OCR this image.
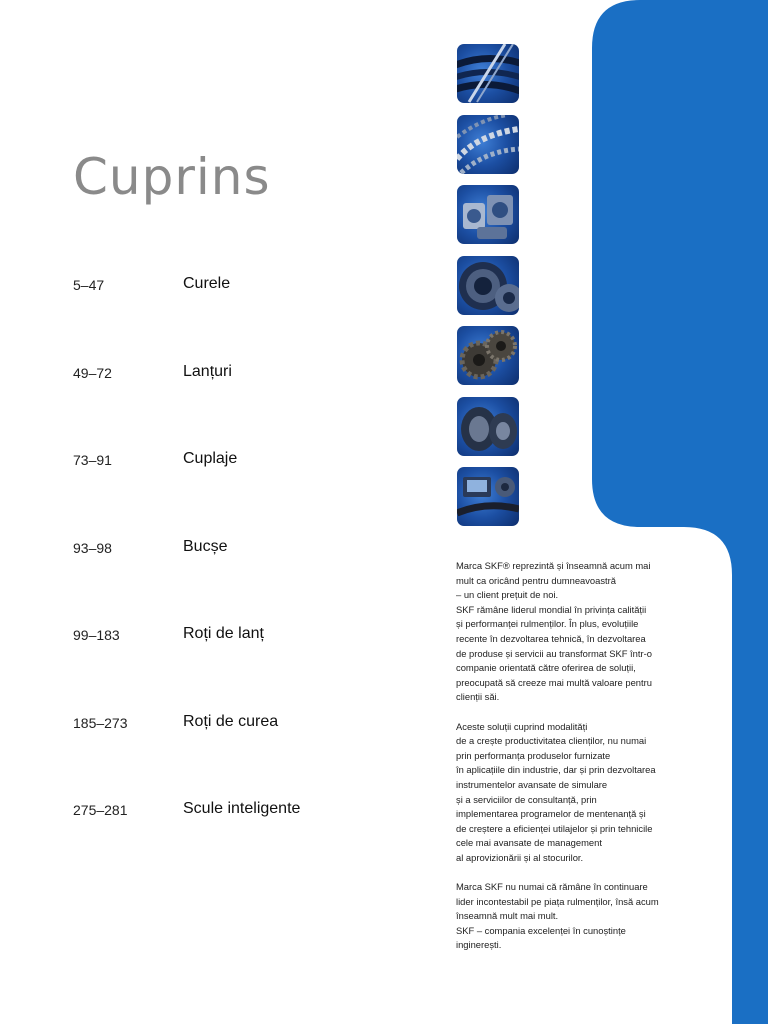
Cuprins
5–47	Curele
49–72	Lanțuri
73–91	Cuplaje
93–98	Bucșe
99–183	Roți de lanț
185–273	Roți de curea
275–281	Scule inteligente

Marca SKF® reprezintă și înseamnă acum mai
mult ca oricând pentru dumneavoastră
– un client prețuit de noi.
SKF rămâne liderul mondial în privința calității
și performanței rulmenților. În plus, evoluțiile
recente în dezvoltarea tehnică, în dezvoltarea
de produse și servicii au transformat SKF într-o
companie orientată către oferirea de soluții,
preocupată să creeze mai multă valoare pentru
clienții săi.

Aceste soluții cuprind modalități
de a crește productivitatea clienților, nu numai
prin performanța produselor furnizate
în aplicațiile din industrie, dar și prin dezvoltarea
instrumentelor avansate de simulare
și a serviciilor de consultanță, prin
implementarea programelor de mentenanță și
de creștere a eficienței utilajelor și prin tehnicile
cele mai avansate de management
al aprovizionării și al stocurilor.

Marca SKF nu numai că rămâne în continuare
lider incontestabil pe piața rulmenților, însă acum
înseamnă mult mai mult.
SKF – compania excelenței în cunoștințe
inginerești.
